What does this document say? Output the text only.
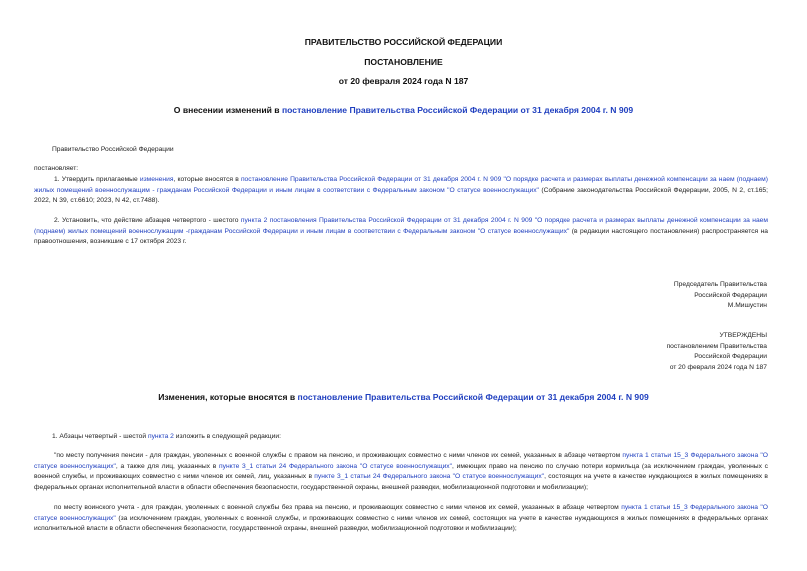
ПРАВИТЕЛЬСТВО РОССИЙСКОЙ ФЕДЕРАЦИИ
ПОСТАНОВЛЕНИЕ
от 20 февраля 2024 года N 187
О внесении изменений в постановление Правительства Российской Федерации от 31 декабря 2004 г. N 909
Правительство Российской Федерации
постановляет:
1. Утвердить прилагаемые изменения, которые вносятся в постановление Правительства Российской Федерации от 31 декабря 2004 г. N 909 "О порядке расчета и размерах выплаты денежной компенсации за наем (поднаем) жилых помещений военнослужащим - гражданам Российской Федерации и иным лицам в соответствии с Федеральным законом "О статусе военнослужащих" (Собрание законодательства Российской Федерации, 2005, N 2, ст.165; 2022, N 39, ст.6610; 2023, N 42, ст.7488).
2. Установить, что действие абзацев четвертого - шестого пункта 2 постановления Правительства Российской Федерации от 31 декабря 2004 г. N 909 "О порядке расчета и размерах выплаты денежной компенсации за наем (поднаем) жилых помещений военнослужащим -гражданам Российской Федерации и иным лицам в соответствии с Федеральным законом "О статусе военнослужащих" (в редакции настоящего постановления) распространяется на правоотношения, возникшие с 17 октября 2023 г.
Председатель Правительства
Российской Федерации
М.Мишустин
УТВЕРЖДЕНЫ
постановлением Правительства
Российской Федерации
от 20 февраля 2024 года N 187
Изменения, которые вносятся в постановление Правительства Российской Федерации от 31 декабря 2004 г. N 909
1. Абзацы четвертый - шестой пункта 2 изложить в следующей редакции:
"по месту получения пенсии - для граждан, уволенных с военной службы с правом на пенсию, и проживающих совместно с ними членов их семей, указанных в абзаце четвертом пункта 1 статьи 15_3 Федерального закона "О статусе военнослужащих", а также для лиц, указанных в пункте 3_1 статьи 24 Федерального закона "О статусе военнослужащих", имеющих право на пенсию по случаю потери кормильца (за исключением граждан, уволенных с военной службы, и проживающих совместно с ними членов их семей, лиц, указанных в пункте 3_1 статьи 24 Федерального закона "О статусе военнослужащих", состоящих на учете в качестве нуждающихся в жилых помещениях в федеральных органах исполнительной власти в области обеспечения безопасности, государственной охраны, внешней разведки, мобилизационной подготовки и мобилизации);
по месту воинского учета - для граждан, уволенных с военной службы без права на пенсию, и проживающих совместно с ними членов их семей, указанных в абзаце четвертом пункта 1 статьи 15_3 Федерального закона "О статусе военнослужащих" (за исключением граждан, уволенных с военной службы, и проживающих совместно с ними членов их семей, состоящих на учете в качестве нуждающихся в жилых помещениях в федеральных органах исполнительной власти в области обеспечения безопасности, государственной охраны, внешней разведки, мобилизационной подготовки и мобилизации);
